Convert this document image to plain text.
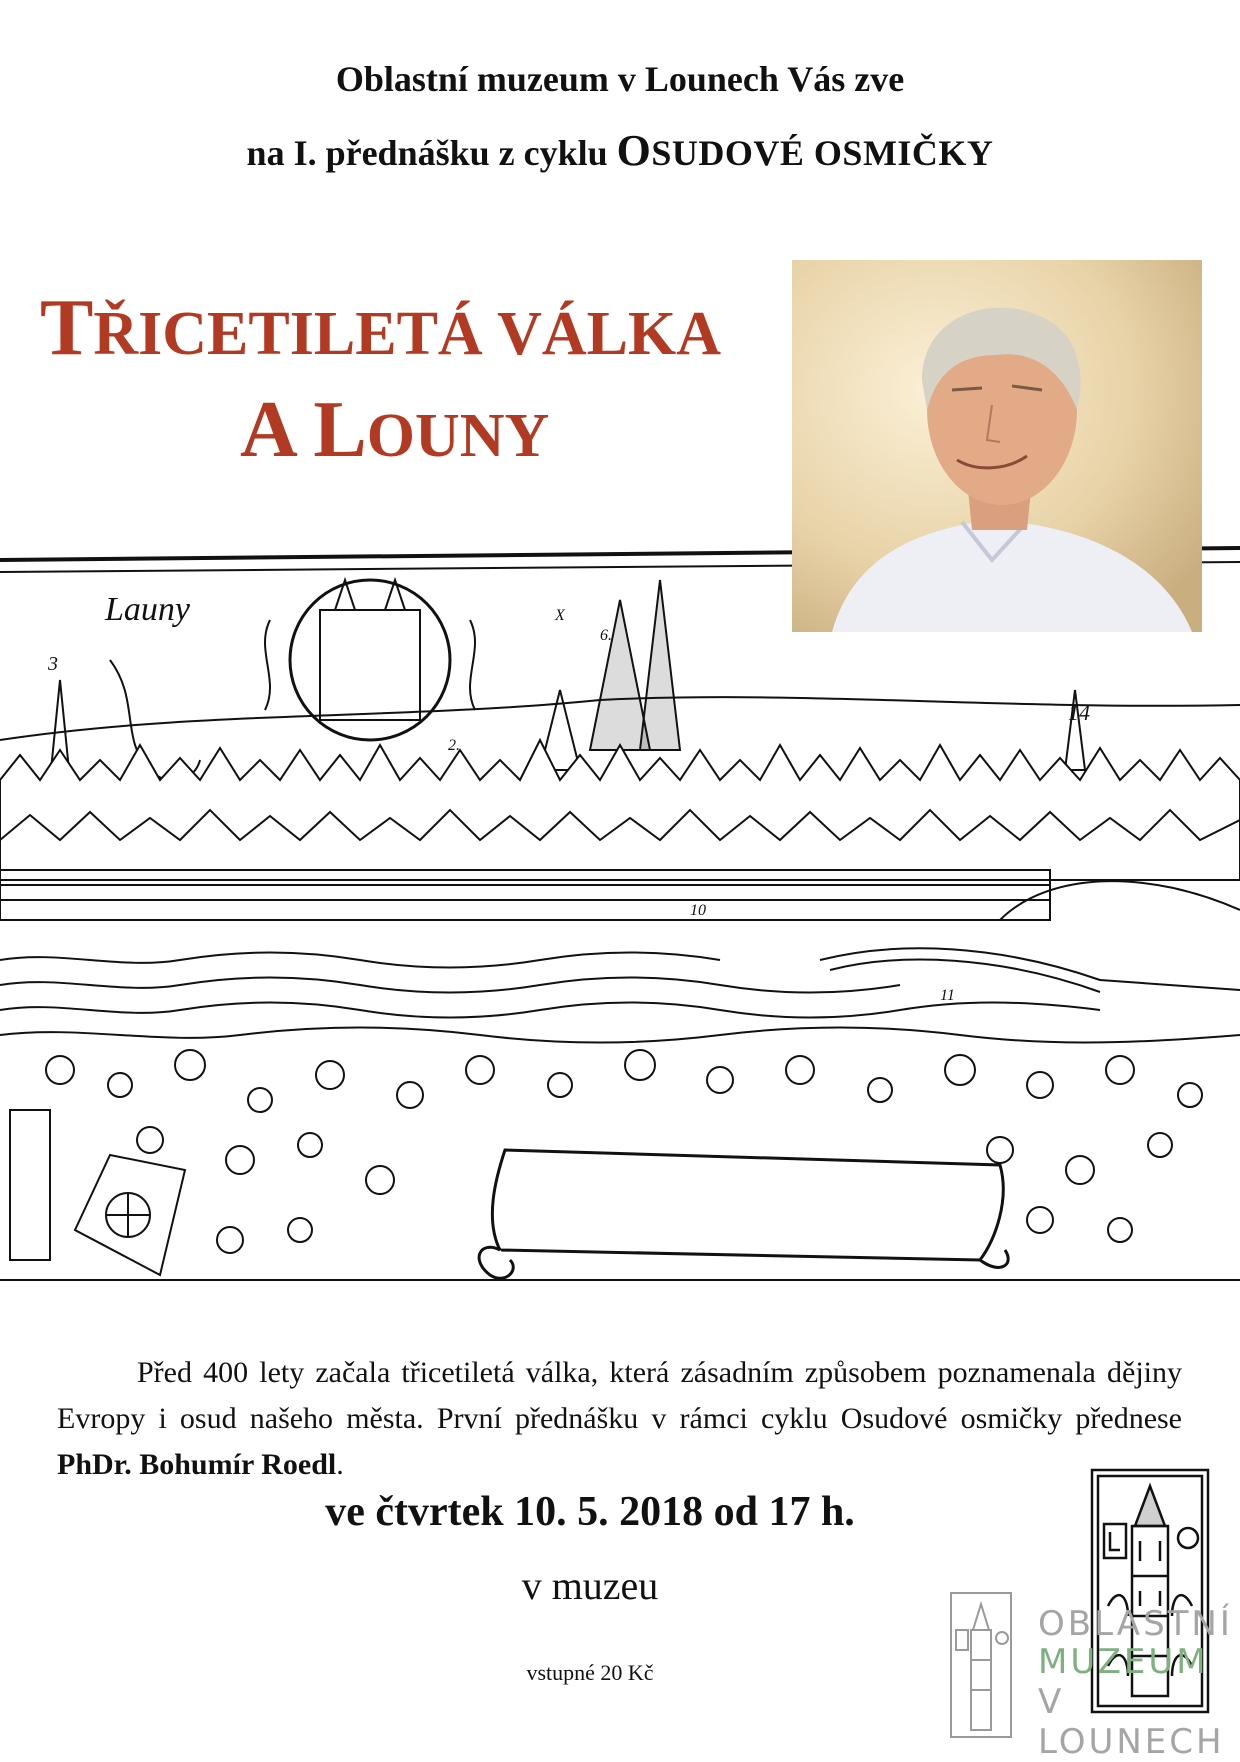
Oblastní muzeum v Lounech Vás zve
na I. přednášku z cyklu OSUDOVÉ OSMIČKY
TŘICETILETÁ VÁLKA
A LOUNY
Launy
3
X
6.
2.
14
10
11
Před 400 lety začala třicetiletá válka, která zásadním způsobem poznamenala dějiny Evropy i osud našeho města. První přednášku v rámci cyklu Osudové osmičky přednese PhDr. Bohumír Roedl.
ve čtvrtek 10. 5. 2018 od 17 h.
v muzeu
vstupné 20 Kč
OBLASTNÍ
MUZEUM
V LOUNECH
